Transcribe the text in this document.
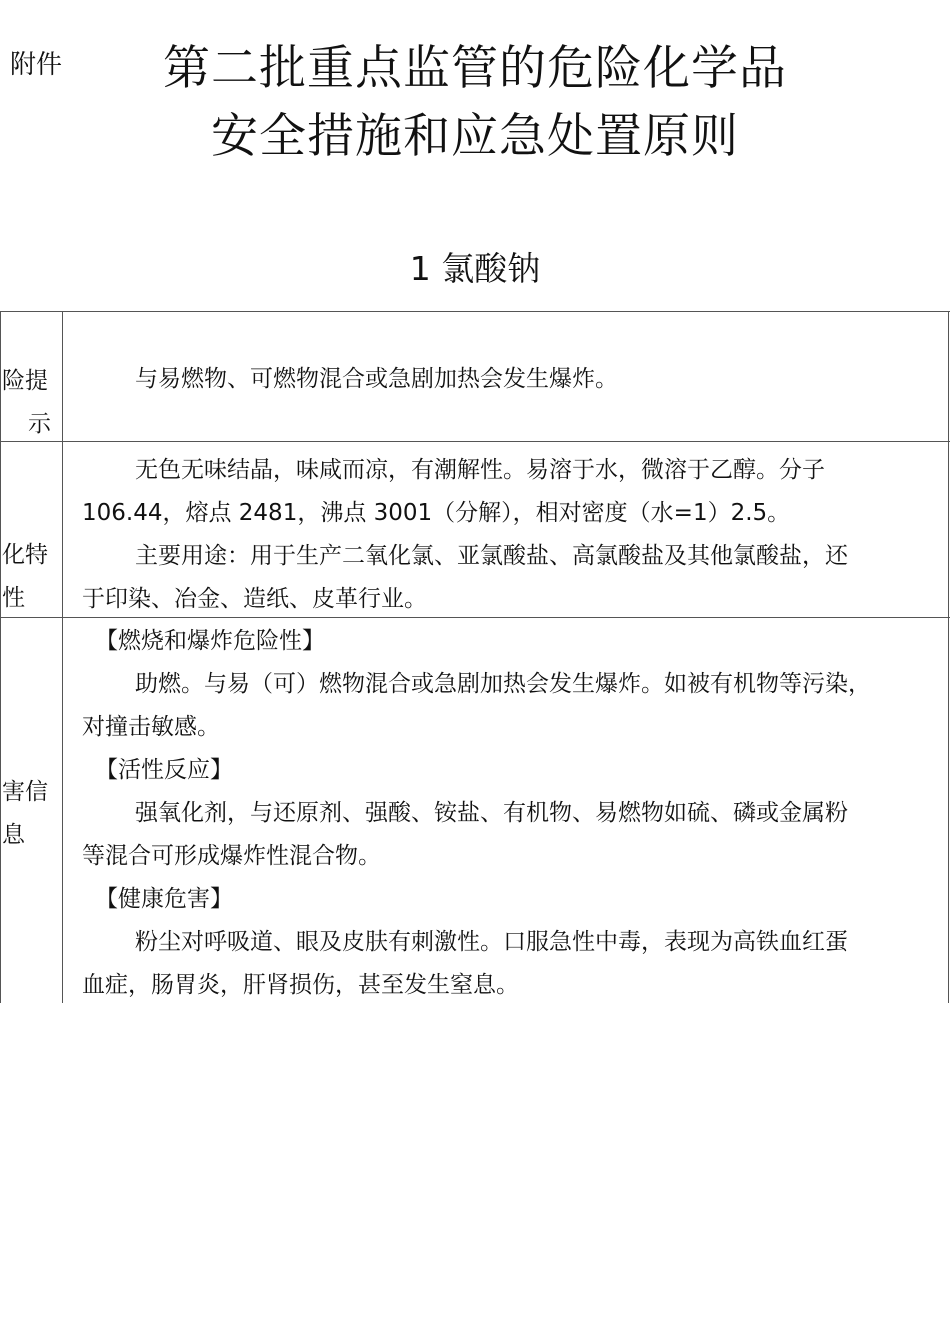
附件	第二批重点监管的危险化学品
安全措施和应急处置原则
1 氯酸钠
险提
示
与易燃物、可燃物混合或急剧加热会发生爆炸。
化特
性
无色无味结晶，味咸而凉，有潮解性。易溶于水，微溶于乙醇。分子
106.44，熔点 2481，沸点 3001（分解），相对密度（水=1）2.5。
主要用途：用于生产二氧化氯、亚氯酸盐、高氯酸盐及其他氯酸盐，还
于印染、冶金、造纸、皮革行业。
害信
息
【燃烧和爆炸危险性】
助燃。与易（可）燃物混合或急剧加热会发生爆炸。如被有机物等污染，
对撞击敏感。
【活性反应】
强氧化剂，与还原剂、强酸、铵盐、有机物、易燃物如硫、磷或金属粉
等混合可形成爆炸性混合物。
【健康危害】
粉尘对呼吸道、眼及皮肤有刺激性。口服急性中毒，表现为高铁血红蛋
血症，肠胃炎，肝肾损伤，甚至发生窒息。
